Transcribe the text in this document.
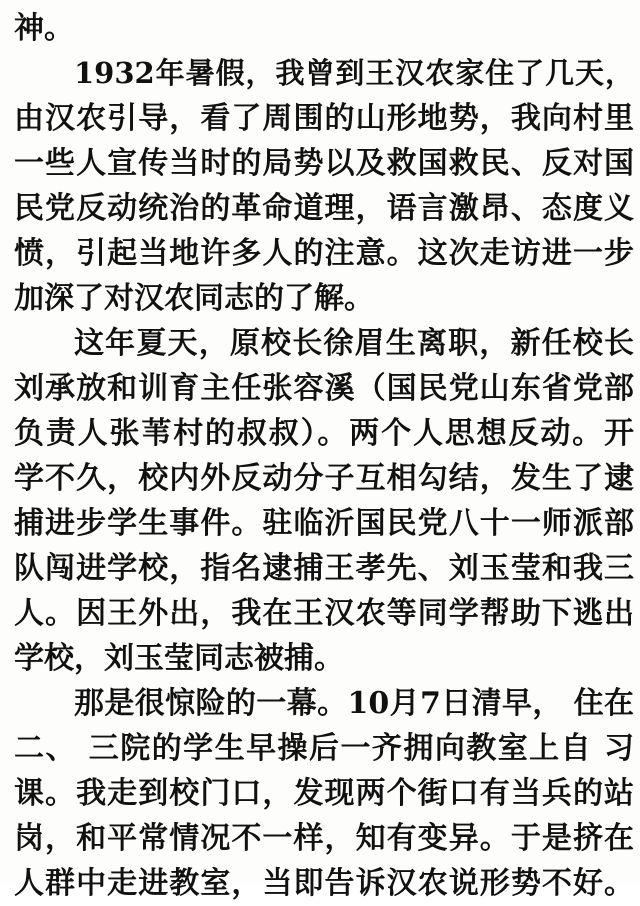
神。
1932年暑假，我曾到王汉农家住了几天，
由汉农引导，看了周围的山形地势，我向村里
一些人宣传当时的局势以及救国救民、反对国
民党反动统治的革命道理，语言激昂、态度义
愤，引起当地许多人的注意。这次走访进一步
加深了对汉农同志的了解。
这年夏天，原校长徐眉生离职，新任校长
刘承放和训育主任张容溪（国民党山东省党部
负责人张苇村的叔叔）。两个人思想反动。开
学不久，校内外反动分子互相勾结，发生了逮
捕进步学生事件。驻临沂国民党八十一师派部
队闯进学校，指名逮捕王孝先、刘玉莹和我三
人。因王外出，我在王汉农等同学帮助下逃出
学校，刘玉莹同志被捕。
那是很惊险的一幕。10月7日清早， 住在
二、 三院的学生早操后一齐拥向教室上自 习
课。我走到校门口，发现两个街口有当兵的站
岗，和平常情况不一样，知有变异。于是挤在
人群中走进教室，当即告诉汉农说形势不好。
